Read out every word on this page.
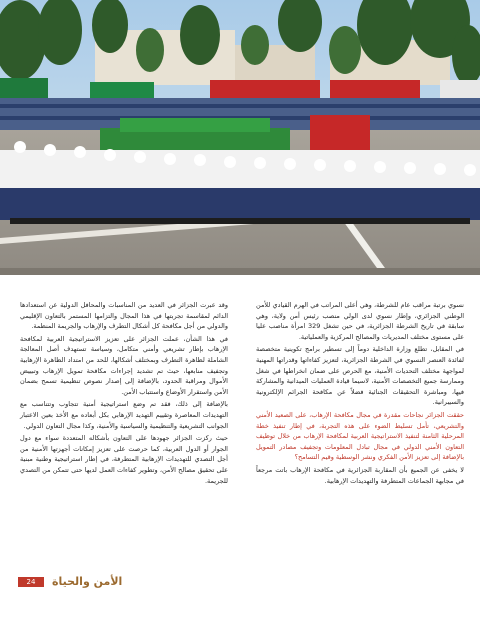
نسوي برتبة مراقب عام للشرطة، وهي أعلى المراتب في الهرم القيادي للأمن الوطني الجزائري، وإطار نسوي لدى الولي منصب رئيس أمن ولاية، وهي سابقة في تاريخ الشرطة الجزائرية، في حين تشغل 329 امرأة مناصب عليا على مستوى مختلف المديريات والمصالح المركزية والعملياتية.

في المقابل، تطلع وزارة الداخلية دوماً إلى تسطير برامج تكوينية متخصصة لفائدة العنصر النسوي في الشرطة الجزائرية، لتعزيز كفاءاتها وقدراتها المهنية لمواجهة مختلف التحديات الأمنية، مع الحرص على ضمان انخراطها في شغل وممارسة جميع التخصصات الأمنية، لاسيما قيادة العمليات الميدانية والمشاركة فيها، ومباشرة التحقيقات الجنائية فضلاً عن مكافحة الجرائم الإلكترونية والسيبرانية.

حققت الجزائر نجاحات مقدرة في مجال مكافحة الإرهاب، على الصعيد الأمني والتشريعي، تأمل تسليط الضوء على هذه التجربة، في إطار تنفيذ خطة المرحلية الثامنة لتنفيذ الاستراتيجية العربية لمكافحة الإرهاب من خلال توظيف التعاون الأمني الدولي في مجال تبادل المعلومات وتجفيف مصادر التمويل بالإضافة إلى تعزيز الأمن الفكري ونشر الوسطية وقيم التسامح؟

لا يخفى عن الجميع بأن المقاربة الجزائرية في مكافحة الإرهاب باتت مرجعاً في مجابهة الجماعات المتطرفة والتهديدات الإرهابية.

وقد عبرت الجزائر في العديد من المناسبات والمحافل الدولية عن استعدادها الدائم لمقاسمة تجربتها في هذا المجال والتزامها المستمر بالتعاون الإقليمي والدولي من أجل مكافحة كل أشكال التطرف والإرهاب والجريمة المنظمة.

في هذا الشأن، عملت الجزائر على تعزيز الاستراتيجية العربية لمكافحة الإرهاب بإطار تشريعي وأمني متكامل، وسياسة تستهدف أصل المعالجة الشاملة لظاهرة التطرف وبمختلف أشكالها، للحد من امتداد الظاهرة الإرهابية وتجفيف منابعها، حيث تم تشديد إجراءات مكافحة تمويل الإرهاب وتبييض الأموال ومراقبة الحدود، بالإضافة إلى إصدار نصوص تنظيمية تسمح بضمان الأمن واستقرار الأوضاع واستتباب الأمن.

بالإضافة إلى ذلك، فقد تم وضع استراتيجية أمنية تتجاوب وتتناسب مع التهديدات المعاصرة وتقييم التهديد الإرهابي بكل أبعاده مع الأخذ بعين الاعتبار الجوانب التشريعية والتنظيمية والسياسية والأمنية، وكذا مجال التعاون الدولي.

حيث ركزت الجزائر جهودها على التعاون بأشكاله المتعددة سواء مع دول الجوار أو الدول العربية، كما حرصت على تعزيز إمكانات أجهزتها الأمنية من أجل التصدي للتهديدات الإرهابية المتطرفة، في إطار استراتيجية وطنية مبنية على تحقيق مصالح الأمن، وتطوير كفاءات العمل لديها حتى تتمكن من التصدي للجريمة.

24	الأمن والحياة
